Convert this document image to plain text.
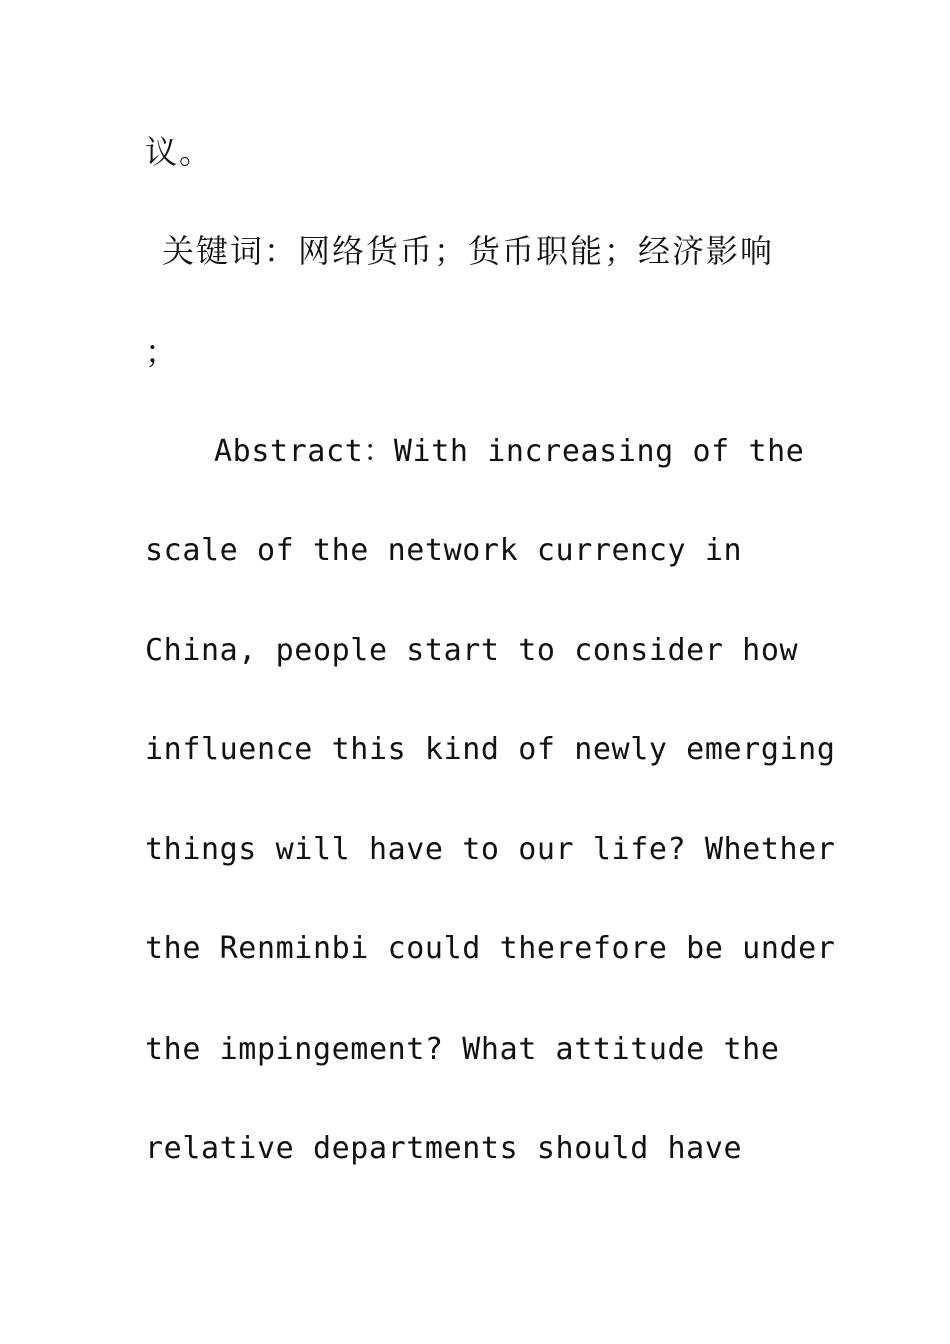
议。
关键词：网络货币；货币职能；经济影响
；
Abstract：With increasing of the
scale of the network currency in
China, people start to consider how
influence this kind of newly emerging
things will have to our life? Whether
the Renminbi could therefore be under
the impingement? What attitude the
relative departments should have
